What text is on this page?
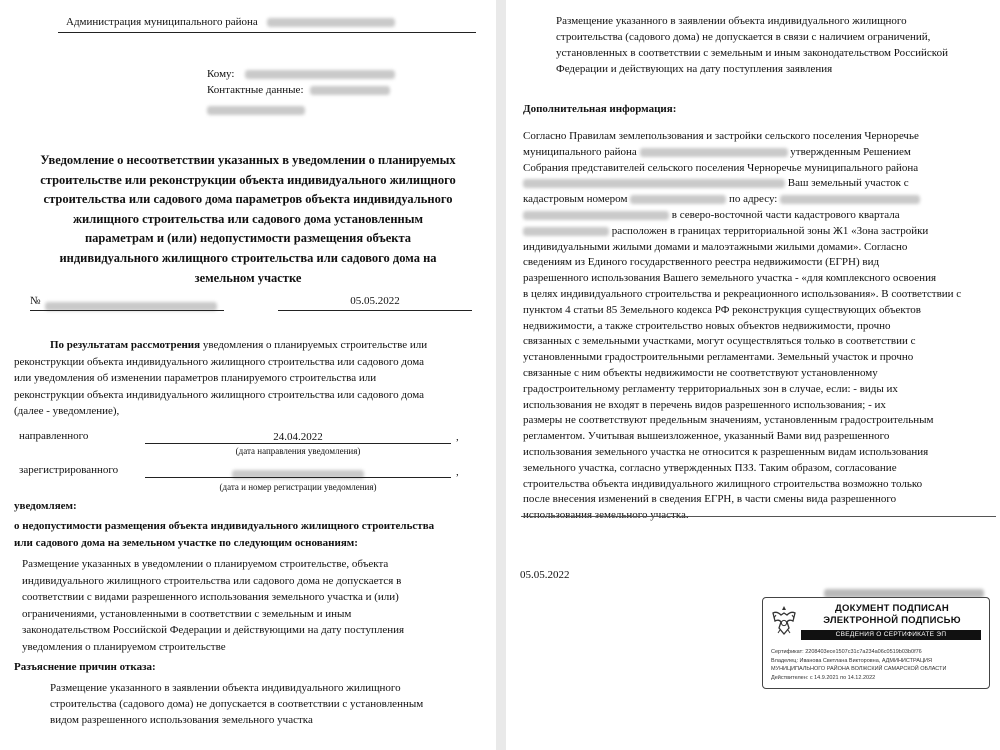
Администрация муниципального района
Кому:
Контактные данные:
Уведомление о несоответствии указанных в уведомлении о планируемых
строительстве или реконструкции объекта индивидуального жилищного
строительства или садового дома параметров объекта индивидуального
жилищного строительства или садового дома установленным
параметрам и (или) недопустимости размещения объекта
индивидуального жилищного строительства или садового дома на
земельном участке
№	05.05.2022
По результатам рассмотрения уведомления о планируемых строительстве или
реконструкции объекта индивидуального жилищного строительства или садового дома
или уведомления об изменении параметров планируемого строительства или
реконструкции объекта индивидуального жилищного строительства или садового дома
(далее - уведомление),
направленного	24.04.2022	,
(дата направления уведомления)
зарегистрированного	,
(дата и номер регистрации уведомления)
уведомляем:
о недопустимости размещения объекта индивидуального жилищного строительства
или садового дома на земельном участке по следующим основаниям:
Размещение указанных в уведомлении о планируемом строительстве, объекта
индивидуального жилищного строительства или садового дома не допускается в
соответствии с видами разрешенного использования земельного участка и (или)
ограничениями, установленными в соответствии с земельным и иным
законодательством Российской Федерации и действующими на дату поступления
уведомления о планируемом строительстве
Разъяснение причин отказа:
Размещение указанного в заявлении объекта индивидуального жилищного
строительства (садового дома) не допускается в соответствии с установленным
видом разрешенного использования земельного участка
Размещение указанного в заявлении объекта индивидуального жилищного
строительства (садового дома) не допускается в связи с наличием ограничений,
установленных в соответствии с земельным и иным законодательством Российской
Федерации и действующих на дату поступления заявления
Дополнительная информация:
Согласно Правилам землепользования и застройки сельского поселения Черноречье
муниципального района	утвержденным Решением
Собрания представителей сельского поселения Черноречье муниципального района
Ваш земельный участок с
кадастровым номером	по адресу:
в северо-восточной части кадастрового квартала
расположен в границах территориальной зоны Ж1 «Зона застройки
индивидуальными жилыми домами и малоэтажными жилыми домами». Согласно
сведениям из Единого государственного реестра недвижимости (ЕГРН) вид
разрешенного использования Вашего земельного участка - «для комплексного освоения
в целях индивидуального строительства и рекреационного использования». В соответствии с
пунктом 4 статьи 85 Земельного кодекса РФ реконструкция существующих объектов
недвижимости, а также строительство новых объектов недвижимости, прочно
связанных с земельными участками, могут осуществляться только в соответствии с
установленными градостроительными регламентами. Земельный участок и прочно
связанные с ним объекты недвижимости не соответствуют установленному
градостроительному регламенту территориальных зон в случае, если: - виды их
использования не входят в перечень видов разрешенного использования; - их
размеры не соответствуют предельным значениям, установленным градостроительным
регламентом. Учитывая вышеизложенное, указанный Вами вид разрешенного
использования земельного участка не относится к разрешенным видам использования
земельного участка, согласно утвержденных ПЗЗ. Таким образом, согласование
строительства объекта индивидуального жилищного строительства возможно только
после внесения изменений в сведения ЕГРН, в части смены вида разрешенного
использования земельного участка.
05.05.2022
ДОКУМЕНТ ПОДПИСАН
ЭЛЕКТРОННОЙ ПОДПИСЬЮ
СВЕДЕНИЯ О СЕРТИФИКАТЕ ЭП
Сертификат: 2208403ece1507c31c7a234a06c0519b03b0f76
Владелец: Иванова Светлана Викторовна, АДМИНИСТРАЦИЯ
МУНИЦИПАЛЬНОГО РАЙОНА ВОЛЖСКИЙ САМАРСКОЙ ОБЛАСТИ
Действителен: с 14.9.2021 по 14.12.2022
